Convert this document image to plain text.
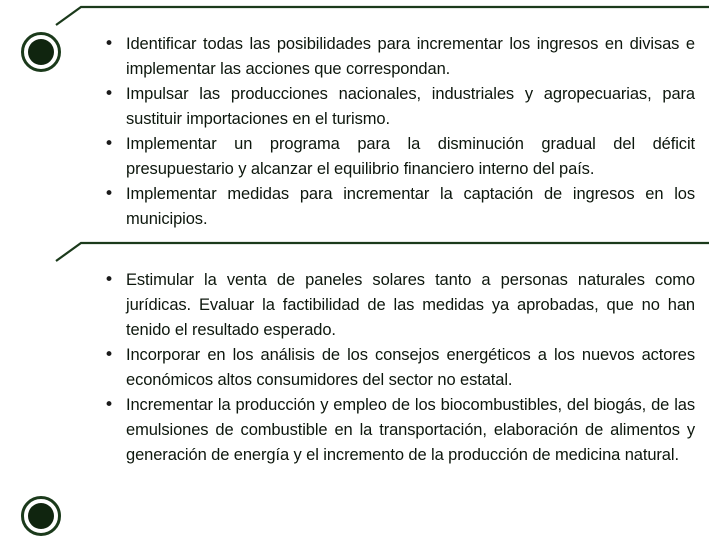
• Identificar todas las posibilidades para incrementar los ingresos en divisas e implementar las acciones que correspondan.
• Impulsar las producciones nacionales, industriales y agropecuarias, para sustituir importaciones en el turismo.
• Implementar un programa para la disminución gradual del déficit presupuestario y alcanzar el equilibrio financiero interno del país.
• Implementar medidas para incrementar la captación de ingresos en los municipios.
• Estimular la venta de paneles solares tanto a personas naturales como jurídicas. Evaluar la factibilidad de las medidas ya aprobadas, que no han tenido el resultado esperado.
• Incorporar en los análisis de los consejos energéticos a los nuevos actores económicos altos consumidores del sector no estatal.
• Incrementar la producción y empleo de los biocombustibles, del biogás, de las emulsiones de combustible en la transportación, elaboración de alimentos y generación de energía y el incremento de la producción de medicina natural.
